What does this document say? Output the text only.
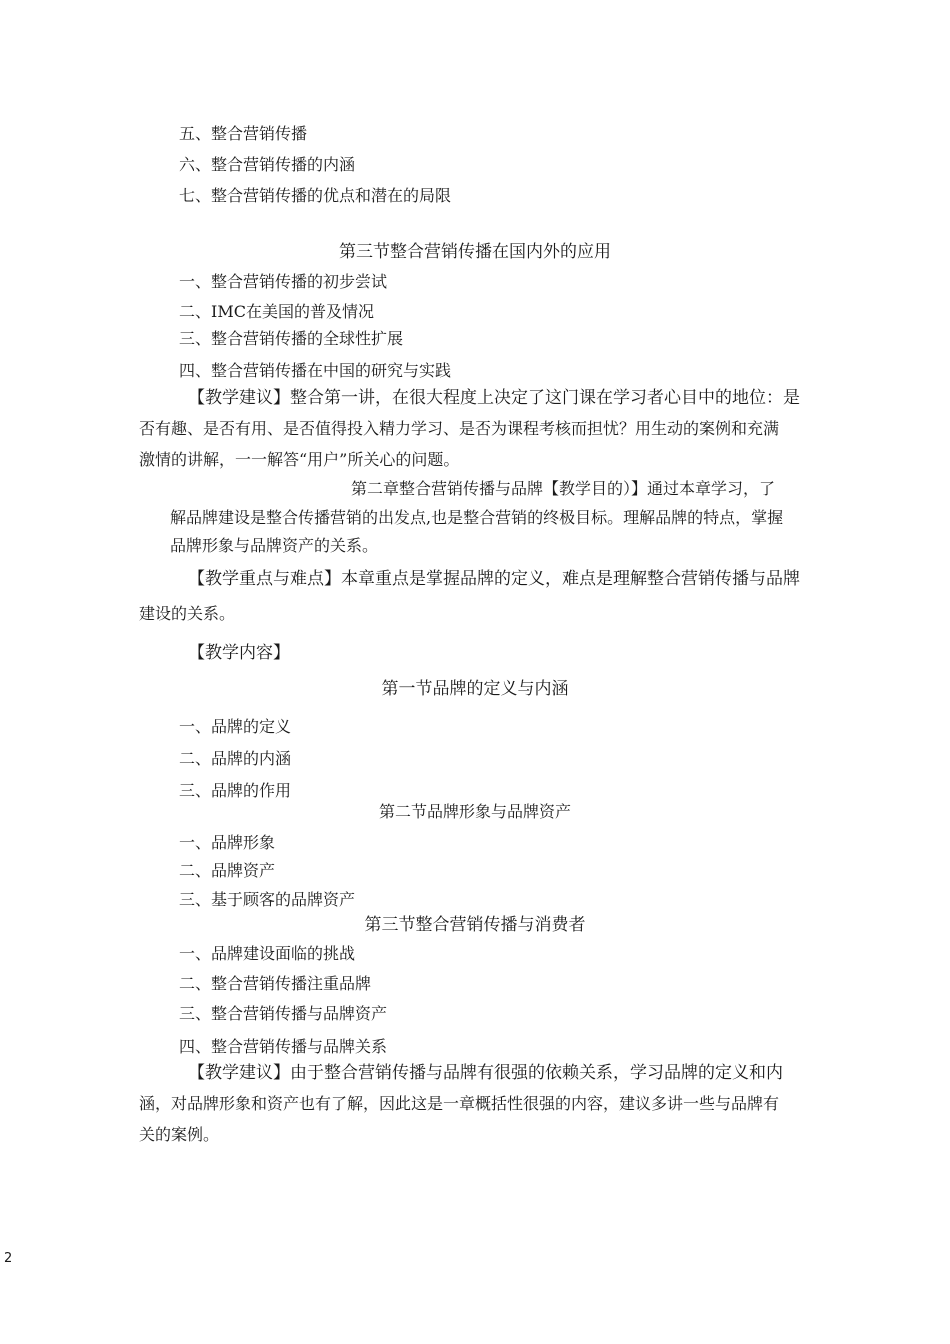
五、整合营销传播
六、整合营销传播的内涵
七、整合营销传播的优点和潜在的局限
第三节整合营销传播在国内外的应用
一、整合营销传播的初步尝试
二、IMC在美国的普及情况
三、整合营销传播的全球性扩展
四、整合营销传播在中国的研究与实践
【教学建议】整合第一讲，在很大程度上决定了这门课在学习者心目中的地位：是
否有趣、是否有用、是否值得投入精力学习、是否为课程考核而担忧？用生动的案例和充满
激情的讲解，一一解答“用户”所关心的问题。
第二章整合营销传播与品牌【教学目的）】通过本章学习，了
解品牌建设是整合传播营销的出发点,也是整合营销的终极目标。理解品牌的特点，掌握
品牌形象与品牌资产的关系。
【教学重点与难点】本章重点是掌握品牌的定义，难点是理解整合营销传播与品牌
建设的关系。
【教学内容】
第一节品牌的定义与内涵
一、品牌的定义
二、品牌的内涵
三、品牌的作用
第二节品牌形象与品牌资产
一、品牌形象
二、品牌资产
三、基于顾客的品牌资产
第三节整合营销传播与消费者
一、品牌建设面临的挑战
二、整合营销传播注重品牌
三、整合营销传播与品牌资产
四、整合营销传播与品牌关系
【教学建议】由于整合营销传播与品牌有很强的依赖关系，学习品牌的定义和内
涵，对品牌形象和资产也有了解，因此这是一章概括性很强的内容，建议多讲一些与品牌有
关的案例。
2
